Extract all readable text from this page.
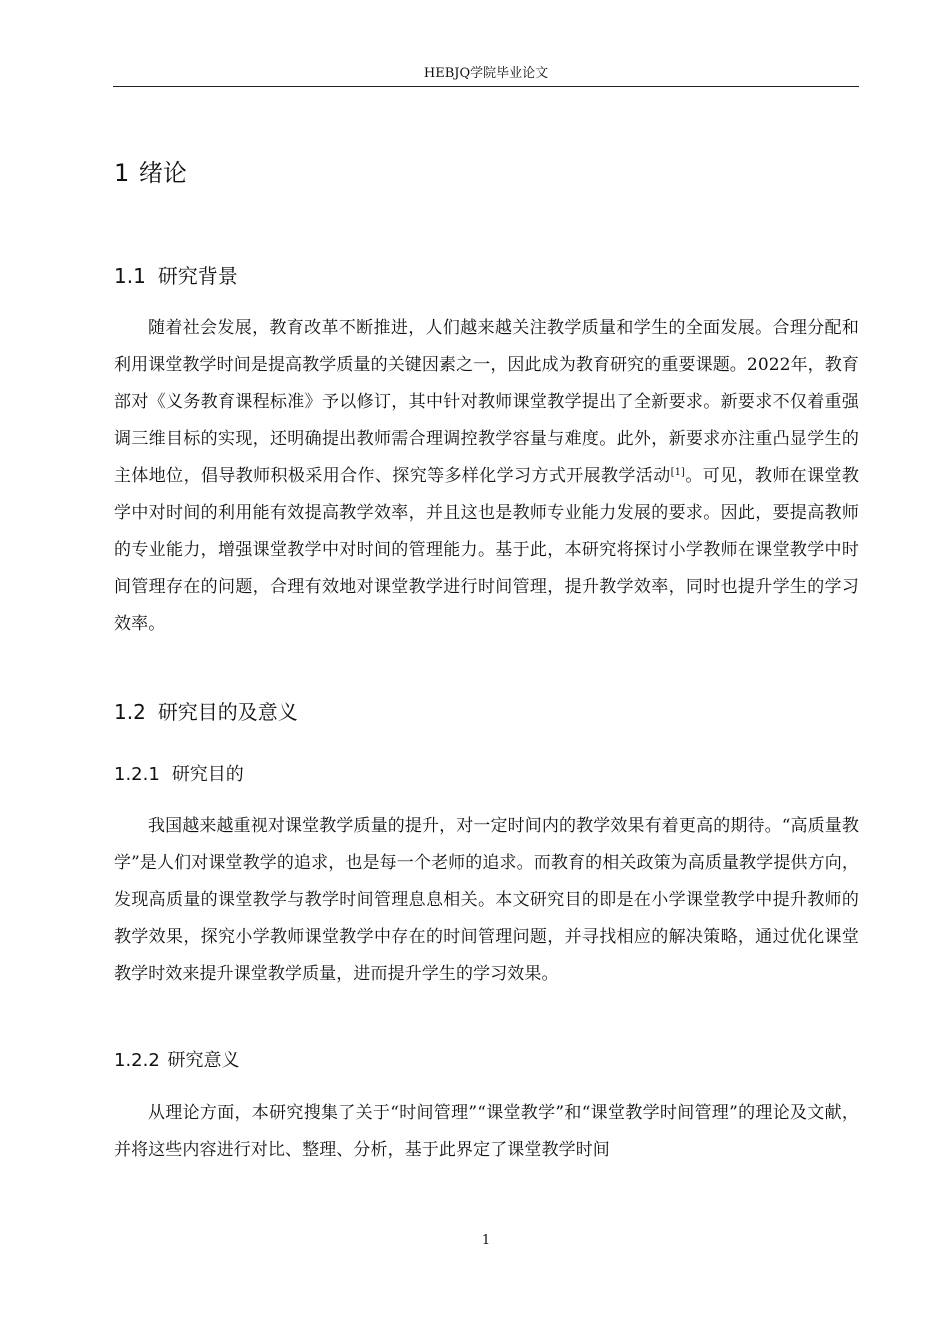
HEBJQ学院毕业论文
1 绪论
1.1 研究背景

随着社会发展，教育改革不断推进，人们越来越关注教学质量和学生的全面发展。合理分配和利用课堂教学时间是提高教学质量的关键因素之一，因此成为教育研究的重要课题。2022年，教育部对《义务教育课程标准》予以修订，其中针对教师课堂教学提出了全新要求。新要求不仅着重强调三维目标的实现，还明确提出教师需合理调控教学容量与难度。此外，新要求亦注重凸显学生的主体地位，倡导教师积极采用合作、探究等多样化学习方式开展教学活动[1]。可见，教师在课堂教学中对时间的利用能有效提高教学效率，并且这也是教师专业能力发展的要求。因此，要提高教师的专业能力，增强课堂教学中对时间的管理能力。基于此，本研究将探讨小学教师在课堂教学中时间管理存在的问题，合理有效地对课堂教学进行时间管理，提升教学效率，同时也提升学生的学习效率。

1.2 研究目的及意义
1.2.1 研究目的

我国越来越重视对课堂教学质量的提升，对一定时间内的教学效果有着更高的期待。“高质量教学”是人们对课堂教学的追求，也是每一个老师的追求。而教育的相关政策为高质量教学提供方向，发现高质量的课堂教学与教学时间管理息息相关。本文研究目的即是在小学课堂教学中提升教师的教学效果，探究小学教师课堂教学中存在的时间管理问题，并寻找相应的解决策略，通过优化课堂教学时效来提升课堂教学质量，进而提升学生的学习效果。

1.2.2 研究意义

从理论方面，本研究搜集了关于“时间管理”“课堂教学”和“课堂教学时间管理”的理论及文献，并将这些内容进行对比、整理、分析，基于此界定了课堂教学时间

1
